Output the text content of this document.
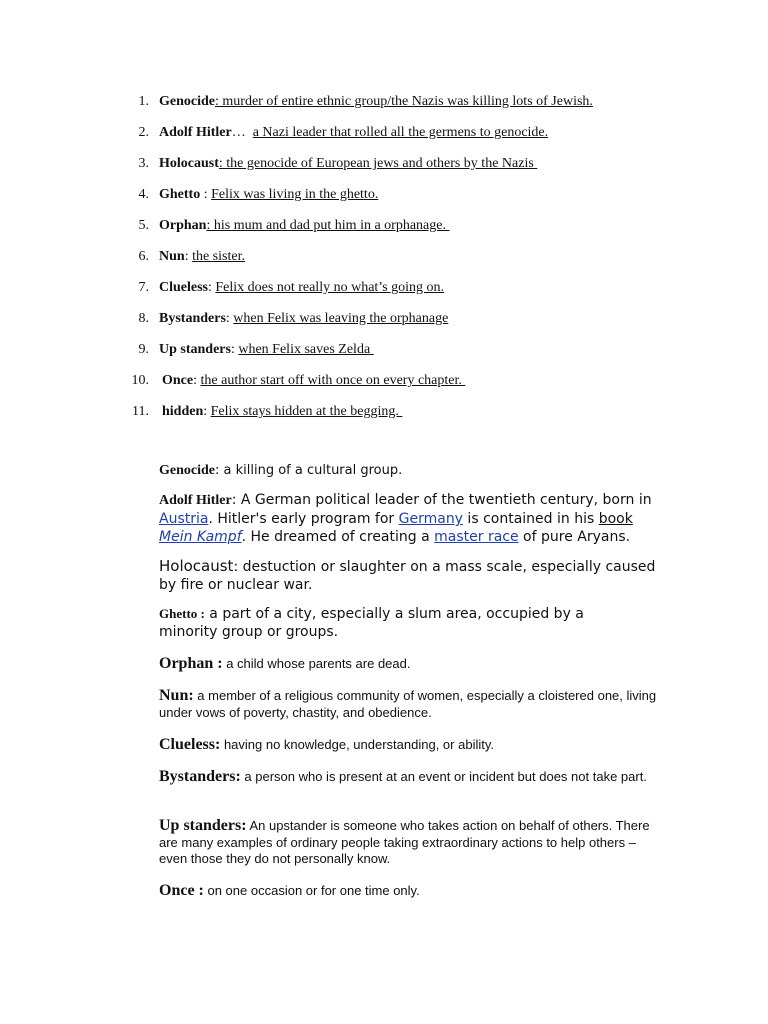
1. Genocide: murder of entire ethnic group/the Nazis was killing lots of Jewish.
2. Adolf Hitler…  a Nazi leader that rolled all the germens to genocide.
3. Holocaust: the genocide of European jews and others by the Nazis
4. Ghetto : Felix was living in the ghetto.
5. Orphan: his mum and dad put him in a orphanage.
6. Nun: the sister.
7. Clueless: Felix does not really no what’s going on.
8. Bystanders: when Felix was leaving the orphanage
9. Up standers: when Felix saves Zelda
10. Once: the author start off with once on every chapter.
11. hidden: Felix stays hidden at the begging.

Genocide: a killing of a cultural group.

Adolf Hitler: A German political leader of the twentieth century, born in Austria. Hitler's early program for Germany is contained in his book Mein Kampf. He dreamed of creating a master race of pure Aryans.

Holocaust: destuction or slaughter on a mass scale, especially caused by fire or nuclear war.

Ghetto : a part of a city, especially a slum area, occupied by a minority group or groups.

Orphan : a child whose parents are dead.

Nun: a member of a religious community of women, especially a cloistered one, living under vows of poverty, chastity, and obedience.

Clueless: having no knowledge, understanding, or ability.

Bystanders: a person who is present at an event or incident but does not take part.

Up standers: An upstander is someone who takes action on behalf of others. There are many examples of ordinary people taking extraordinary actions to help others – even those they do not personally know.

Once : on one occasion or for one time only.
